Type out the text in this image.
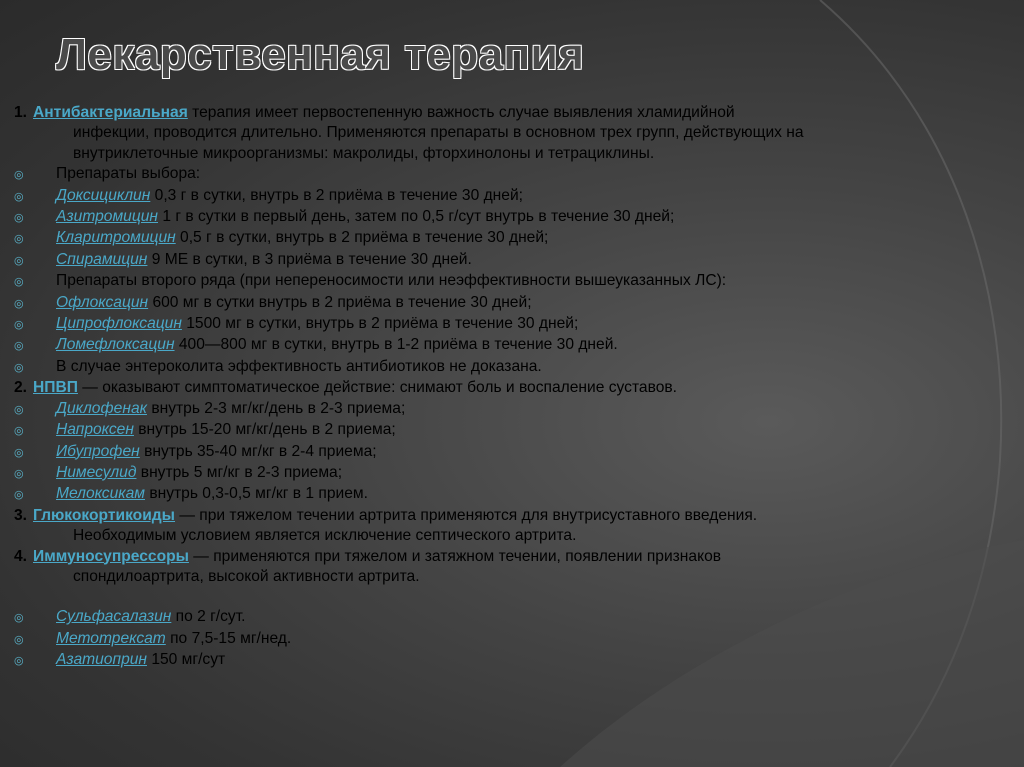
Лекарственная терапия
1. Антибактериальная терапия имеет первостепенную важность случае выявления хламидийной
инфекции, проводится длительно. Применяются препараты в основном трех групп, действующих на
внутриклеточные микроорганизмы: макролиды, фторхинолоны и тетрациклины.
◎	Препараты выбора:
◎	Доксициклин 0,3 г в сутки, внутрь в 2 приёма в течение 30 дней;
◎	Азитромицин 1 г в сутки в первый день, затем по 0,5 г/сут внутрь в течение 30 дней;
◎	Кларитромицин 0,5 г в сутки, внутрь в 2 приёма в течение 30 дней;
◎	Спирамицин 9 МЕ в сутки, в 3 приёма в течение 30 дней.
◎	Препараты второго ряда (при непереносимости или неэффективности вышеуказанных ЛС):
◎	Офлоксацин 600 мг в сутки внутрь в 2 приёма в течение 30 дней;
◎	Ципрофлоксацин 1500 мг в сутки, внутрь в 2 приёма в течение 30 дней;
◎	Ломефлоксацин 400—800 мг в сутки, внутрь в 1-2 приёма в течение 30 дней.
◎	В случае энтероколита эффективность антибиотиков не доказана.
2. НПВП — оказывают симптоматическое действие: снимают боль и воспаление суставов.
◎	Диклофенак внутрь 2-3 мг/кг/день в 2-3 приема;
◎	Напроксен внутрь 15-20 мг/кг/день в 2 приема;
◎	Ибупрофен внутрь 35-40 мг/кг в 2-4 приема;
◎	Нимесулид внутрь 5 мг/кг в 2-3 приема;
◎	Мелоксикам внутрь 0,3-0,5 мг/кг в 1 прием.
3. Глюкокортикоиды — при тяжелом течении артрита применяются для внутрисуставного введения.
Необходимым условием является исключение септического артрита.
4. Иммуносупрессоры — применяются при тяжелом и затяжном течении, появлении признаков
спондилоартрита, высокой активности артрита.
◎	Сульфасалазин по 2 г/сут.
◎	Метотрексат по 7,5-15 мг/нед.
◎	Азатиоприн 150 мг/сут
